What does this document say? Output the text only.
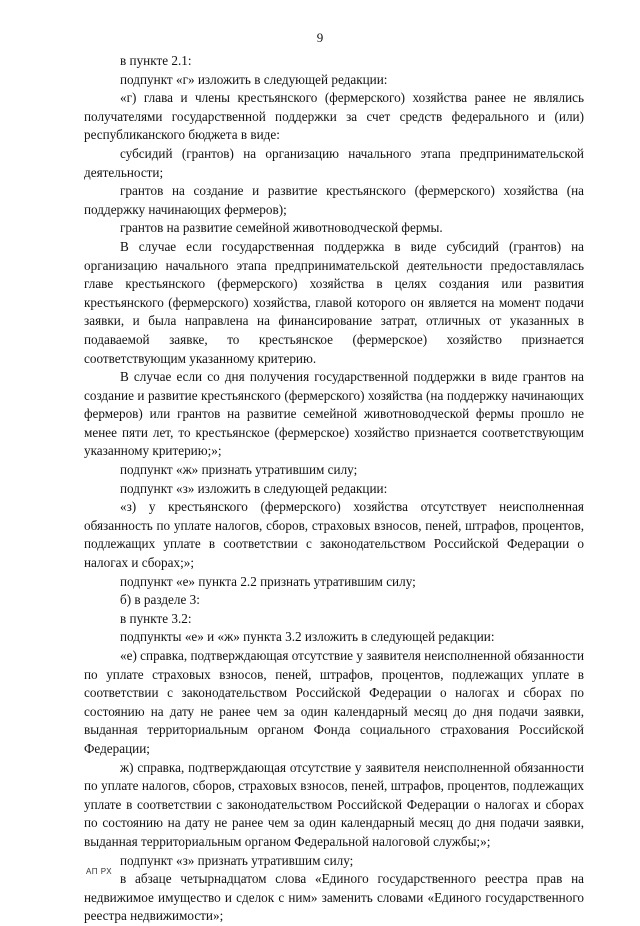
9

в пункте 2.1:

подпункт «г» изложить в следующей редакции:

«г) глава и члены крестьянского (фермерского) хозяйства ранее не являлись получателями государственной поддержки за счет средств федерального и (или) республиканского бюджета в виде:

субсидий (грантов) на организацию начального этапа предпринимательской деятельности;

грантов на создание и развитие крестьянского (фермерского) хозяйства (на поддержку начинающих фермеров);

грантов на развитие семейной животноводческой фермы.

В случае если государственная поддержка в виде субсидий (грантов) на организацию начального этапа предпринимательской деятельности предоставлялась главе крестьянского (фермерского) хозяйства в целях создания или развития крестьянского (фермерского) хозяйства, главой которого он является на момент подачи заявки, и была направлена на финансирование затрат, отличных от указанных в подаваемой заявке, то крестьянское (фермерское) хозяйство признается соответствующим указанному критерию.

В случае если со дня получения государственной поддержки в виде грантов на создание и развитие крестьянского (фермерского) хозяйства (на поддержку начинающих фермеров) или грантов на развитие семейной животноводческой фермы прошло не менее пяти лет, то крестьянское (фермерское) хозяйство признается соответствующим указанному критерию;»;

подпункт «ж» признать утратившим силу;

подпункт «з» изложить в следующей редакции:

«з) у крестьянского (фермерского) хозяйства отсутствует неисполненная обязанность по уплате налогов, сборов, страховых взносов, пеней, штрафов, процентов, подлежащих уплате в соответствии с законодательством Российской Федерации о налогах и сборах;»;

подпункт «е» пункта 2.2 признать утратившим силу;

б) в разделе 3:

в пункте 3.2:

подпункты «е» и «ж» пункта 3.2 изложить в следующей редакции:

«е) справка, подтверждающая отсутствие у заявителя неисполненной обязанности по уплате страховых взносов, пеней, штрафов, процентов, подлежащих уплате в соответствии с законодательством Российской Федерации о налогах и сборах по состоянию на дату не ранее чем за один календарный месяц до дня подачи заявки, выданная территориальным органом Фонда социального страхования Российской Федерации;

ж) справка, подтверждающая отсутствие у заявителя неисполненной обязанности по уплате налогов, сборов, страховых взносов, пеней, штрафов, процентов, подлежащих уплате в соответствии с законодательством Российской Федерации о налогах и сборах по состоянию на дату не ранее чем за один календарный месяц до дня подачи заявки, выданная территориальным органом Федеральной налоговой службы;»;

подпункт «з» признать утратившим силу;

в абзаце четырнадцатом слова «Единого государственного реестра прав на недвижимое имущество и сделок с ним» заменить словами «Единого государственного реестра недвижимости»;

АП РХ
